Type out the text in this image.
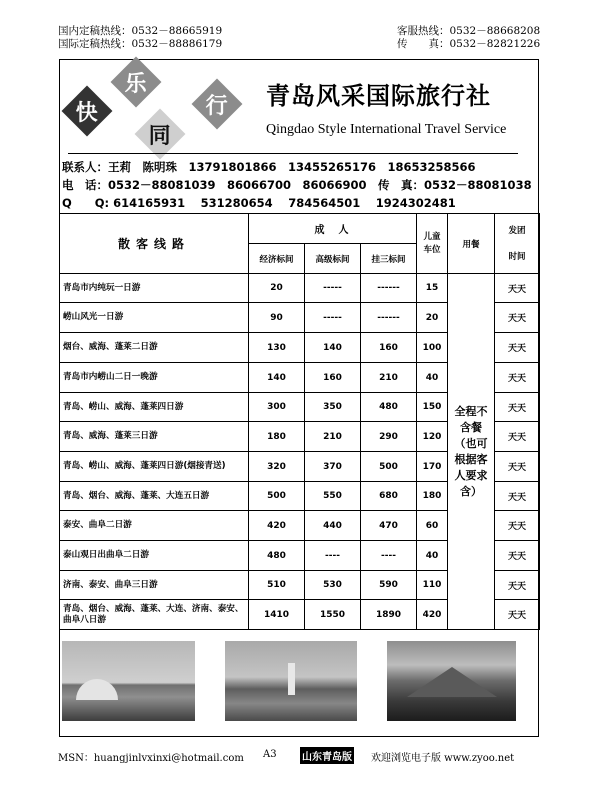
国内定稿热线：0532－88665919
国际定稿热线：0532－88886179
客服热线：0532－88668208
传　　真：0532－82821226
快
乐
同
行 青岛风采国际旅行社
Qingdao Style International Travel Service
联系人：王莉　陈明珠　13791801866　13455265176　18653258566
电　话：0532－88081039　86066700　86066900　传　真：0532－88081038
Q　　Q: 614165931　 531280654　 784564501　 1924302481
散客线路	成　人			儿童车位	用餐	发团时间
	经济标间	高级标间	挂三标间			
青岛市内纯玩一日游	20	-----	------	15	全程不含餐（也可根据客人要求含）	天天
崂山风光一日游	90	-----	------	20		天天
烟台、威海、蓬莱二日游	130	140	160	100		天天
青岛市内崂山二日一晚游	140	160	210	40		天天
青岛、崂山、威海、蓬莱四日游	300	350	480	150		天天
青岛、威海、蓬莱三日游	180	210	290	120		天天
青岛、崂山、威海、蓬莱四日游(烟接青送)	320	370	500	170		天天
青岛、烟台、威海、蓬莱、大连五日游	500	550	680	180		天天
泰安、曲阜二日游	420	440	470	60		天天
泰山观日出曲阜二日游	480	----	----	40		天天
济南、泰安、曲阜三日游	510	530	590	110		天天
青岛、烟台、威海、蓬莱、大连、济南、泰安、曲阜八日游	1410	1550	1890	420		天天
MSN：huangjinlvxinxi@hotmail.com A3	山东青岛版 欢迎浏览电子版 www.zyoo.net
